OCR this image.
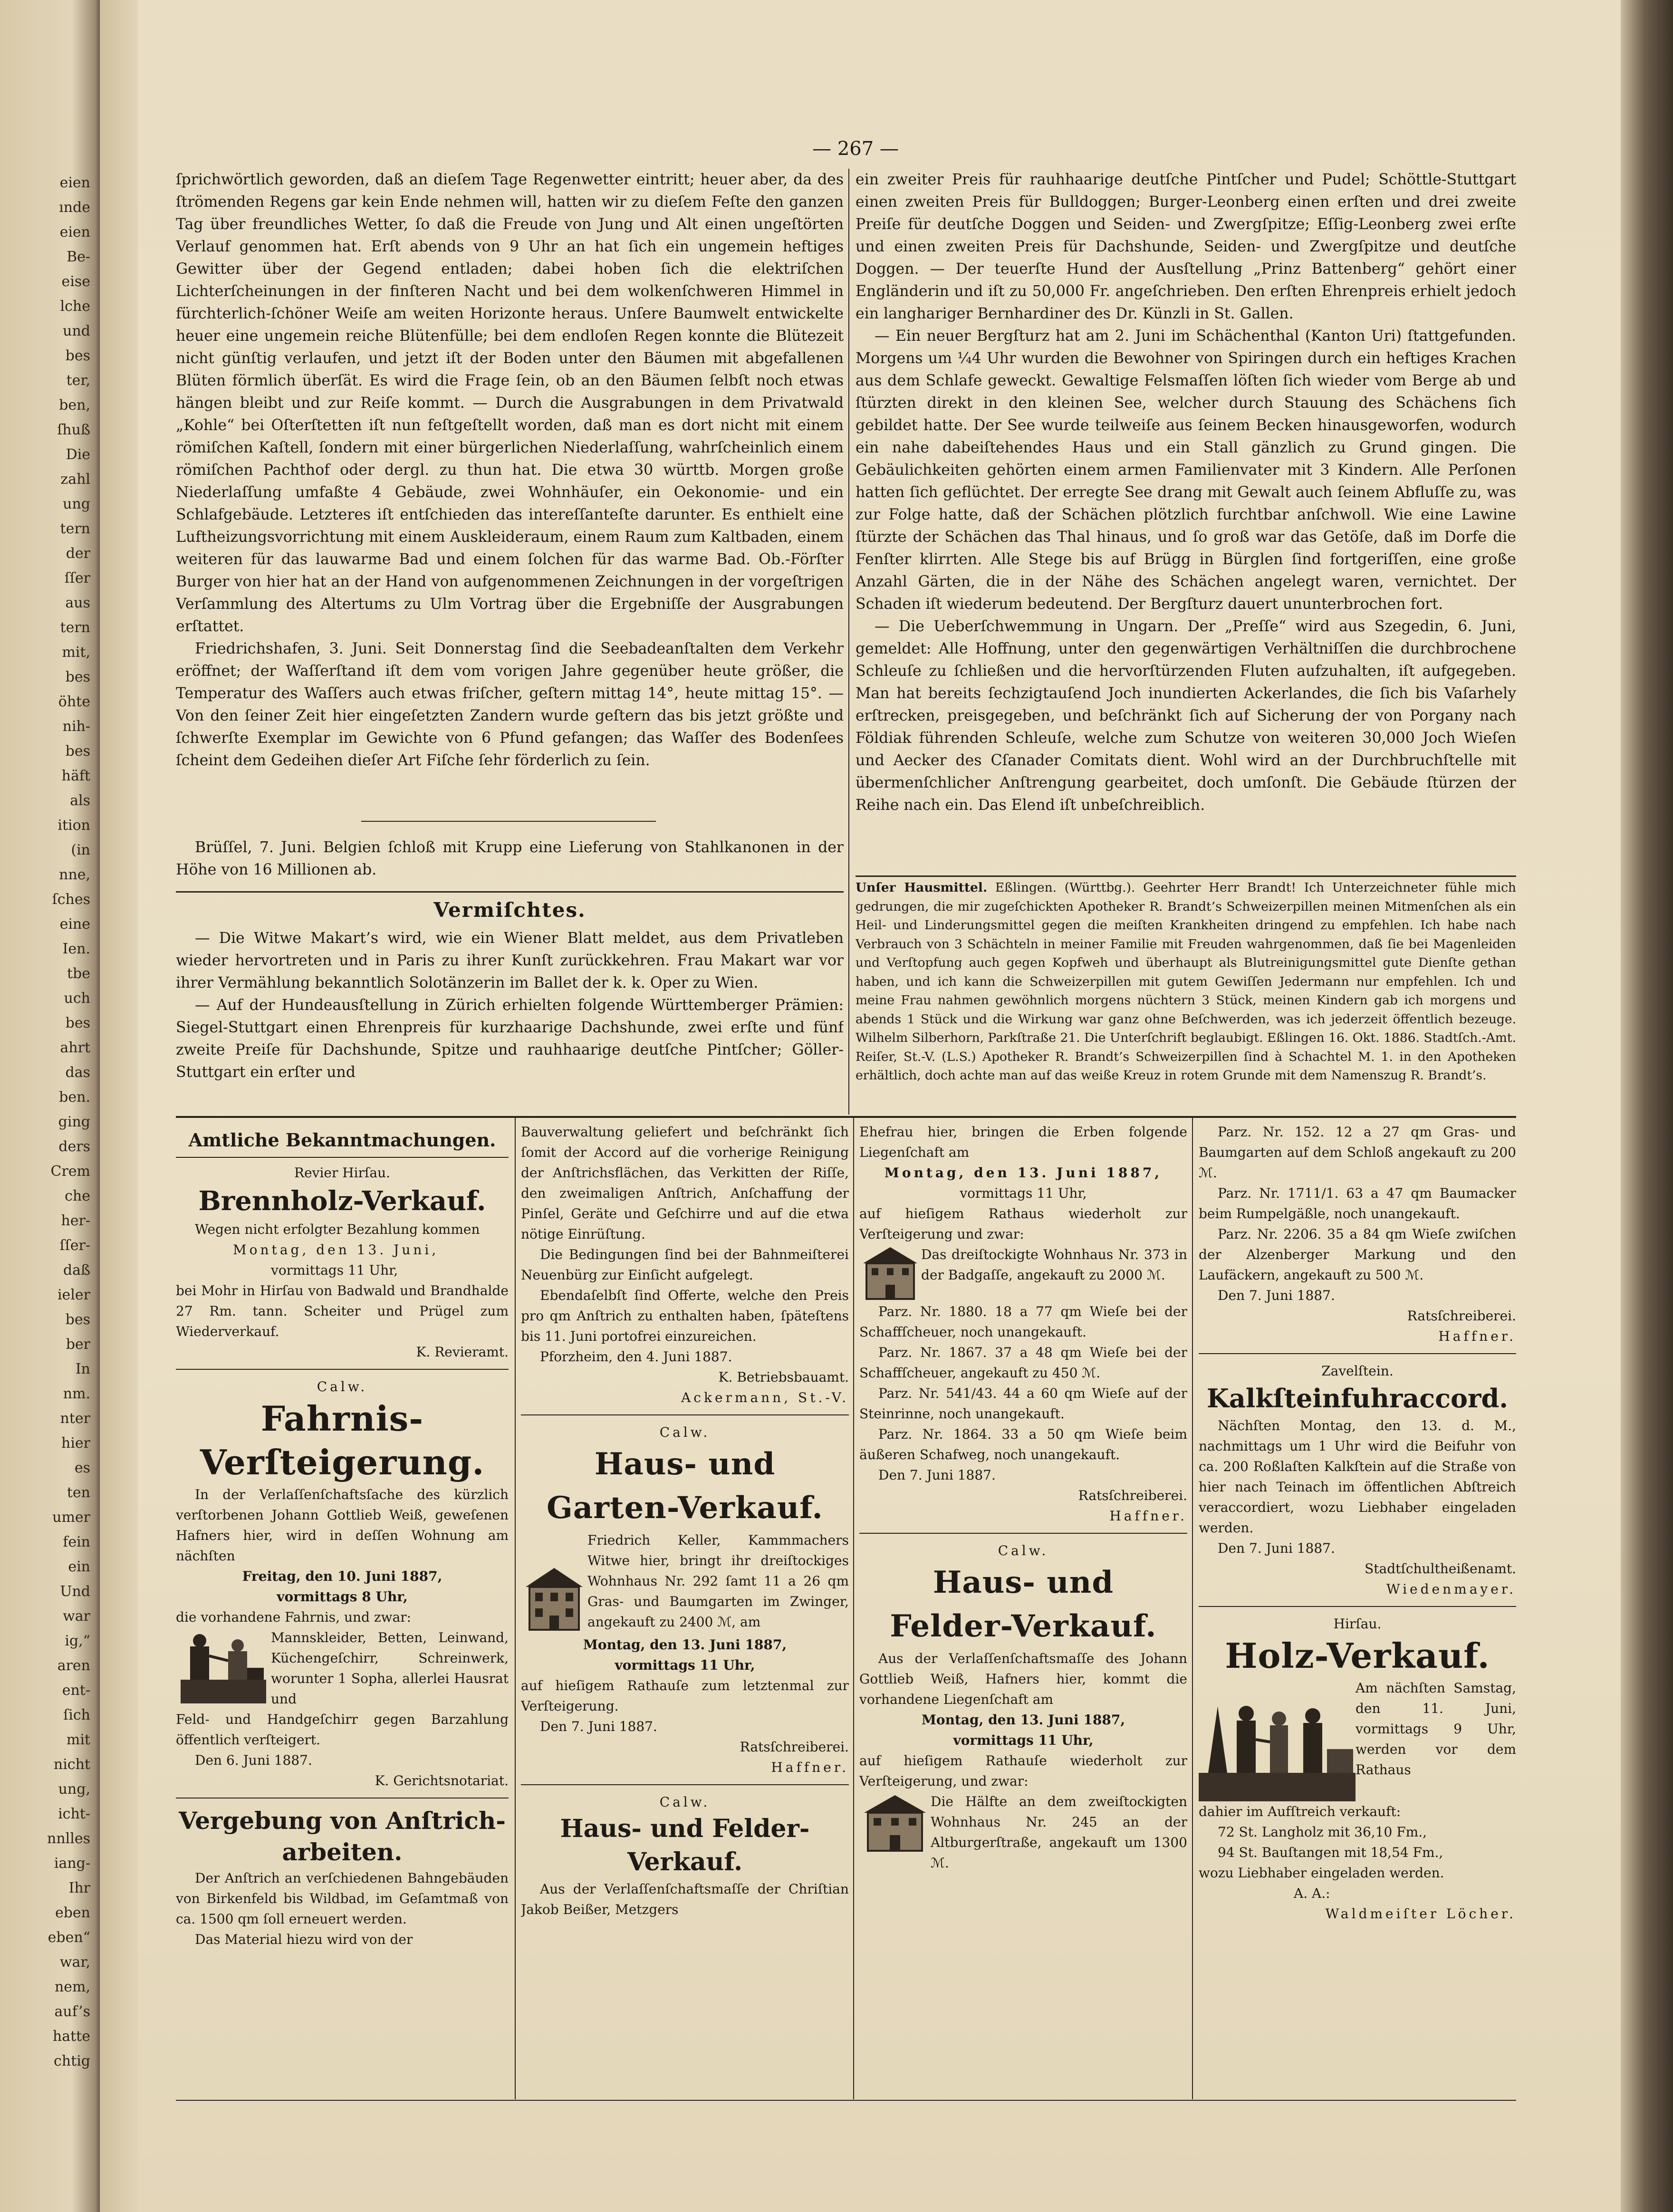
eien
ınde
eien
Be-
eise
lche
und
bes
ter,
ben,
ſhuß
Die
zahl
ung
tern
der
ſſer
aus
tern
mit,
bes
öhte
nih-
bes
häft
als
ition
(in
nne,
ſches
eine
Ien.
tbe
uch
bes
ahrt
das
ben.
ging
ders
Crem
che
her-
ſſer-
daß
ieler
bes
ber
In
nm.
nter
hier
es
ten
umer
fein
ein
Und
war
ig,“
aren
ent-
ſich
mit
nicht
ung,
icht-
nnlles
iang-
Ihr
eben
eben“
war,
nem,
auf’s
hatte
chtig
— 267 —

ſprichwörtlich geworden, daß an dieſem Tage Regenwetter eintritt; heuer aber, da des ſtrömenden Regens gar kein Ende nehmen will, hatten wir zu dieſem Feſte den ganzen Tag über freundliches Wetter, ſo daß die Freude von Jung und Alt einen ungeſtörten Verlauf genommen hat. Erſt abends von 9 Uhr an hat ſich ein ungemein heftiges Gewitter über der Gegend entladen; dabei hoben ſich die elektriſchen Lichterſcheinungen in der finſteren Nacht und bei dem wolkenſchweren Himmel in fürchterlich-ſchöner Weiſe am weiten Horizonte heraus. Unſere Baumwelt entwickelte heuer eine ungemein reiche Blütenfülle; bei dem endloſen Regen konnte die Blütezeit nicht günſtig verlaufen, und jetzt iſt der Boden unter den Bäumen mit abgefallenen Blüten förmlich überſät. Es wird die Frage ſein, ob an den Bäumen ſelbſt noch etwas hängen bleibt und zur Reiſe kommt. — Durch die Ausgrabungen in dem Privatwald „Kohle“ bei Oſterſtetten iſt nun feſtgeſtellt worden, daß man es dort nicht mit einem römiſchen Kaſtell, ſondern mit einer bürgerlichen Niederlaſſung, wahrſcheinlich einem römiſchen Pachthof oder dergl. zu thun hat. Die etwa 30 württb. Morgen große Niederlaſſung umfaßte 4 Gebäude, zwei Wohnhäuſer, ein Oekonomie- und ein Schlafgebäude. Letzteres iſt entſchieden das intereſſanteſte darunter. Es enthielt eine Luftheizungsvorrichtung mit einem Auskleideraum, einem Raum zum Kaltbaden, einem weiteren für das lauwarme Bad und einem ſolchen für das warme Bad. Ob.-Förſter Burger von hier hat an der Hand von aufgenommenen Zeichnungen in der vorgeſtrigen Verſammlung des Altertums zu Ulm Vortrag über die Ergebniſſe der Ausgrabungen erſtattet.

Friedrichshafen, 3. Juni. Seit Donnerstag ſind die Seebadeanſtalten dem Verkehr eröffnet; der Waſſerſtand iſt dem vom vorigen Jahre gegenüber heute größer, die Temperatur des Waſſers auch etwas friſcher, geſtern mittag 14°, heute mittag 15°. — Von den ſeiner Zeit hier eingeſetzten Zandern wurde geſtern das bis jetzt größte und ſchwerſte Exemplar im Gewichte von 6 Pfund gefangen; das Waſſer des Bodenſees ſcheint dem Gedeihen dieſer Art Fiſche ſehr förderlich zu ſein.

Brüſſel, 7. Juni. Belgien ſchloß mit Krupp eine Lieferung von Stahlkanonen in der Höhe von 16 Millionen ab.

Vermiſchtes.

— Die Witwe Makart’s wird, wie ein Wiener Blatt meldet, aus dem Privatleben wieder hervortreten und in Paris zu ihrer Kunſt zurückkehren. Frau Makart war vor ihrer Vermählung bekanntlich Solotänzerin im Ballet der k. k. Oper zu Wien.

— Auf der Hundeausſtellung in Zürich erhielten folgende Württemberger Prämien: Siegel-Stuttgart einen Ehrenpreis für kurzhaarige Dachshunde, zwei erſte und fünf zweite Preiſe für Dachshunde, Spitze und rauhhaarige deutſche Pintſcher; Göller-Stuttgart ein erſter und

ein zweiter Preis für rauhhaarige deutſche Pintſcher und Pudel; Schöttle-Stuttgart einen zweiten Preis für Bulldoggen; Burger-Leonberg einen erſten und drei zweite Preiſe für deutſche Doggen und Seiden- und Zwergſpitze; Eſſig-Leonberg zwei erſte und einen zweiten Preis für Dachshunde, Seiden- und Zwergſpitze und deutſche Doggen. — Der teuerſte Hund der Ausſtellung „Prinz Battenberg“ gehört einer Engländerin und iſt zu 50,000 Fr. angeſchrieben. Den erſten Ehrenpreis erhielt jedoch ein langhariger Bernhardiner des Dr. Künzli in St. Gallen.

— Ein neuer Bergſturz hat am 2. Juni im Schächenthal (Kanton Uri) ſtattgefunden. Morgens um ¼4 Uhr wurden die Bewohner von Spiringen durch ein heftiges Krachen aus dem Schlafe geweckt. Gewaltige Felsmaſſen löſten ſich wieder vom Berge ab und ſtürzten direkt in den kleinen See, welcher durch Stauung des Schächens ſich gebildet hatte. Der See wurde teilweiſe aus ſeinem Becken hinausgeworfen, wodurch ein nahe dabeiſtehendes Haus und ein Stall gänzlich zu Grund gingen. Die Gebäulichkeiten gehörten einem armen Familienvater mit 3 Kindern. Alle Perſonen hatten ſich geflüchtet. Der erregte See drang mit Gewalt auch ſeinem Abfluſſe zu, was zur Folge hatte, daß der Schächen plötzlich furchtbar anſchwoll. Wie eine Lawine ſtürzte der Schächen das Thal hinaus, und ſo groß war das Getöſe, daß im Dorfe die Fenſter klirrten. Alle Stege bis auf Brügg in Bürglen ſind fortgeriſſen, eine große Anzahl Gärten, die in der Nähe des Schächen angelegt waren, vernichtet. Der Schaden iſt wiederum bedeutend. Der Bergſturz dauert ununterbrochen fort.

— Die Ueberſchwemmung in Ungarn. Der „Preſſe“ wird aus Szegedin, 6. Juni, gemeldet: Alle Hoffnung, unter den gegenwärtigen Verhältniſſen die durchbrochene Schleuſe zu ſchließen und die hervorſtürzenden Fluten aufzuhalten, iſt aufgegeben. Man hat bereits ſechzigtauſend Joch inundierten Ackerlandes, die ſich bis Vaſarhely erſtrecken, preisgegeben, und beſchränkt ſich auf Sicherung der von Porgany nach Földiak führenden Schleuſe, welche zum Schutze von weiteren 30,000 Joch Wieſen und Aecker des Cſanader Comitats dient. Wohl wird an der Durchbruchſtelle mit übermenſchlicher Anſtrengung gearbeitet, doch umſonſt. Die Gebäude ſtürzen der Reihe nach ein. Das Elend iſt unbeſchreiblich.

Unſer Hausmittel. Eßlingen. (Württbg.). Geehrter Herr Brandt! Ich Unterzeichneter fühle mich gedrungen, die mir zugeſchickten Apotheker R. Brandt’s Schweizerpillen meinen Mitmenſchen als ein Heil- und Linderungsmittel gegen die meiſten Krankheiten dringend zu empfehlen. Ich habe nach Verbrauch von 3 Schächteln in meiner Familie mit Freuden wahrgenommen, daß ſie bei Magenleiden und Verſtopfung auch gegen Kopfweh und überhaupt als Blutreinigungsmittel gute Dienſte gethan haben, und ich kann die Schweizerpillen mit gutem Gewiſſen Jedermann nur empfehlen. Ich und meine Frau nahmen gewöhnlich morgens nüchtern 3 Stück, meinen Kindern gab ich morgens und abends 1 Stück und die Wirkung war ganz ohne Beſchwerden, was ich jederzeit öffentlich bezeuge. Wilhelm Silberhorn, Parkſtraße 21. Die Unterſchrift beglaubigt. Eßlingen 16. Okt. 1886. Stadtſch.-Amt. Reiſer, St.-V. (L.S.) Apotheker R. Brandt’s Schweizerpillen ſind à Schachtel M. 1. in den Apotheken erhältlich, doch achte man auf das weiße Kreuz in rotem Grunde mit dem Namenszug R. Brandt’s.

Amtliche Bekanntmachungen.

Revier Hirſau.

Brennholz-Verkauf.

Wegen nicht erfolgter Bezahlung kommen

Montag, den 13. Juni,

vormittags 11 Uhr,

bei Mohr in Hirſau von Badwald und Brandhalde 27 Rm. tann. Scheiter und Prügel zum Wiederverkauf.

K. Revieramt.

Calw.

Fahrnis-
Verſteigerung.

In der Verlaſſenſchaftsſache des kürzlich verſtorbenen Johann Gottlieb Weiß, geweſenen Hafners hier, wird in deſſen Wohnung am nächſten

Freitag, den 10. Juni 1887,

vormittags 8 Uhr,

die vorhandene Fahrnis, und zwar:

Mannskleider, Betten, Leinwand, Küchengeſchirr, Schreinwerk, worunter 1 Sopha, allerlei Hausrat und

Feld- und Handgeſchirr gegen Barzahlung öffentlich verſteigert.

Den 6. Juni 1887.

K. Gerichtsnotariat.

Vergebung von Anſtrich-
arbeiten.

Der Anſtrich an verſchiedenen Bahngebäuden von Birkenfeld bis Wildbad, im Geſamtmaß von ca. 1500 qm ſoll erneuert werden.

Das Material hiezu wird von der

Bauverwaltung geliefert und beſchränkt ſich ſomit der Accord auf die vorherige Reinigung der Anſtrichsflächen, das Verkitten der Riſſe, den zweimaligen Anſtrich, Anſchaffung der Pinſel, Geräte und Geſchirre und auf die etwa nötige Einrüſtung.

Die Bedingungen ſind bei der Bahnmeiſterei Neuenbürg zur Einſicht aufgelegt.

Ebendaſelbſt ſind Offerte, welche den Preis pro qm Anſtrich zu enthalten haben, ſpäteſtens bis 11. Juni portofrei einzureichen.

Pforzheim, den 4. Juni 1887.

K. Betriebsbauamt.

Ackermann, St.-V.

Calw.

Haus- und
Garten-Verkauf.

Friedrich Keller, Kammmachers Witwe hier, bringt ihr dreiſtockiges Wohnhaus Nr. 292 ſamt 11 a 26 qm Gras- und Baumgarten im Zwinger, angekauft zu 2400 ℳ, am

Montag, den 13. Juni 1887,

vormittags 11 Uhr,

auf hieſigem Rathauſe zum letztenmal zur Verſteigerung.

Den 7. Juni 1887.

Ratsſchreiberei.

Haffner.

Calw.

Haus- und Felder-
Verkauf.

Aus der Verlaſſenſchaftsmaſſe der Chriſtian Jakob Beißer, Metzgers

Ehefrau hier, bringen die Erben folgende Liegenſchaft am

Montag, den 13. Juni 1887,

vormittags 11 Uhr,

auf hieſigem Rathaus wiederholt zur Verſteigerung und zwar:

Das dreiſtockigte Wohnhaus Nr. 373 in der Badgaſſe, angekauft zu 2000 ℳ.

Parz. Nr. 1880. 18 a 77 qm Wieſe bei der Schaffſcheuer, noch unangekauft.

Parz. Nr. 1867. 37 a 48 qm Wieſe bei der Schaffſcheuer, angekauft zu 450 ℳ.

Parz. Nr. 541/43. 44 a 60 qm Wieſe auf der Steinrinne, noch unangekauft.

Parz. Nr. 1864. 33 a 50 qm Wieſe beim äußeren Schafweg, noch unangekauft.

Den 7. Juni 1887.

Ratsſchreiberei.

Haffner.

Calw.

Haus- und
Felder-Verkauf.

Aus der Verlaſſenſchaftsmaſſe des Johann Gottlieb Weiß, Hafners hier, kommt die vorhandene Liegenſchaft am

Montag, den 13. Juni 1887,

vormittags 11 Uhr,

auf hieſigem Rathauſe wiederholt zur Verſteigerung, und zwar:

Die Hälfte an dem zweiſtockigten Wohnhaus Nr. 245 an der Altburgerſtraße, angekauft um 1300 ℳ.

Parz. Nr. 152. 12 a 27 qm Gras- und Baumgarten auf dem Schloß angekauft zu 200 ℳ.

Parz. Nr. 1711/1. 63 a 47 qm Baumacker beim Rumpelgäßle, noch unangekauft.

Parz. Nr. 2206. 35 a 84 qm Wieſe zwiſchen der Alzenberger Markung und den Laufäckern, angekauft zu 500 ℳ.

Den 7. Juni 1887.

Ratsſchreiberei.

Haffner.

Zavelſtein.

Kalkſteinfuhraccord.

Nächſten Montag, den 13. d. M., nachmittags um 1 Uhr wird die Beifuhr von ca. 200 Roßlaſten Kalkſtein auf die Straße von hier nach Teinach im öffentlichen Abſtreich veraccordiert, wozu Liebhaber eingeladen werden.

Den 7. Juni 1887.

Stadtſchultheißenamt.

Wiedenmayer.

Hirſau.

Holz-Verkauf.

Am nächſten Samstag, den 11. Juni, vormittags 9 Uhr, werden vor dem Rathaus

dahier im Aufſtreich verkauft:

72 St. Langholz mit 36,10 Fm.,

94 St. Bauſtangen mit 18,54 Fm.,

wozu Liebhaber eingeladen werden.

A. A.:

Waldmeiſter Löcher.
